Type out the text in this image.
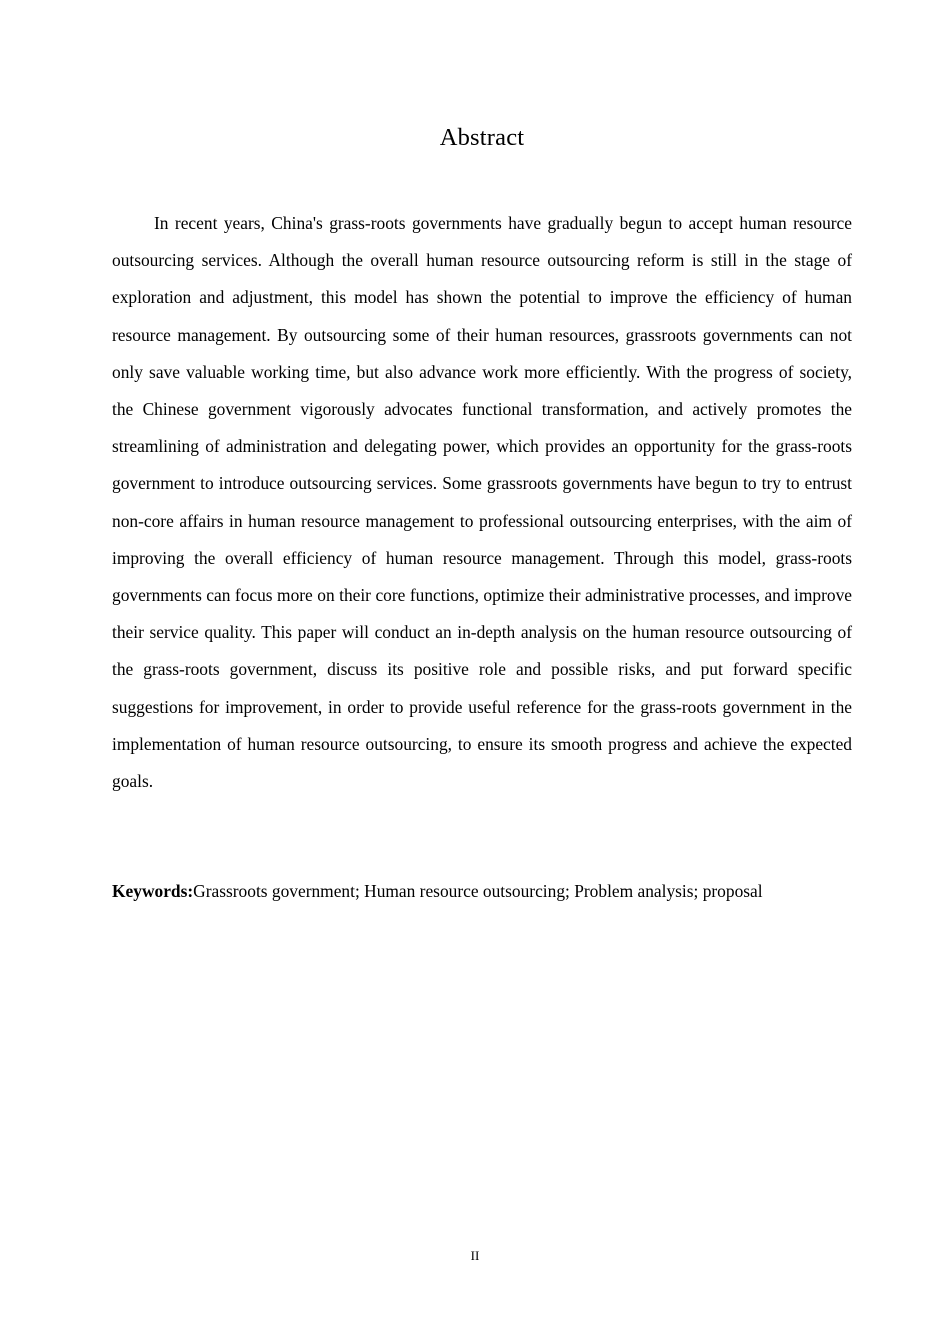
Abstract

In recent years, China's grass-roots governments have gradually begun to accept human resource outsourcing services. Although the overall human resource outsourcing reform is still in the stage of exploration and adjustment, this model has shown the potential to improve the efficiency of human resource management. By outsourcing some of their human resources, grassroots governments can not only save valuable working time, but also advance work more efficiently. With the progress of society, the Chinese government vigorously advocates functional transformation, and actively promotes the streamlining of administration and delegating power, which provides an opportunity for the grass-roots government to introduce outsourcing services. Some grassroots governments have begun to try to entrust non-core affairs in human resource management to professional outsourcing enterprises, with the aim of improving the overall efficiency of human resource management. Through this model, grass-roots governments can focus more on their core functions, optimize their administrative processes, and improve their service quality. This paper will conduct an in-depth analysis on the human resource outsourcing of the grass-roots government, discuss its positive role and possible risks, and put forward specific suggestions for improvement, in order to provide useful reference for the grass-roots government in the implementation of human resource outsourcing, to ensure its smooth progress and achieve the expected goals.

Keywords:Grassroots government; Human resource outsourcing; Problem analysis; proposal

II
